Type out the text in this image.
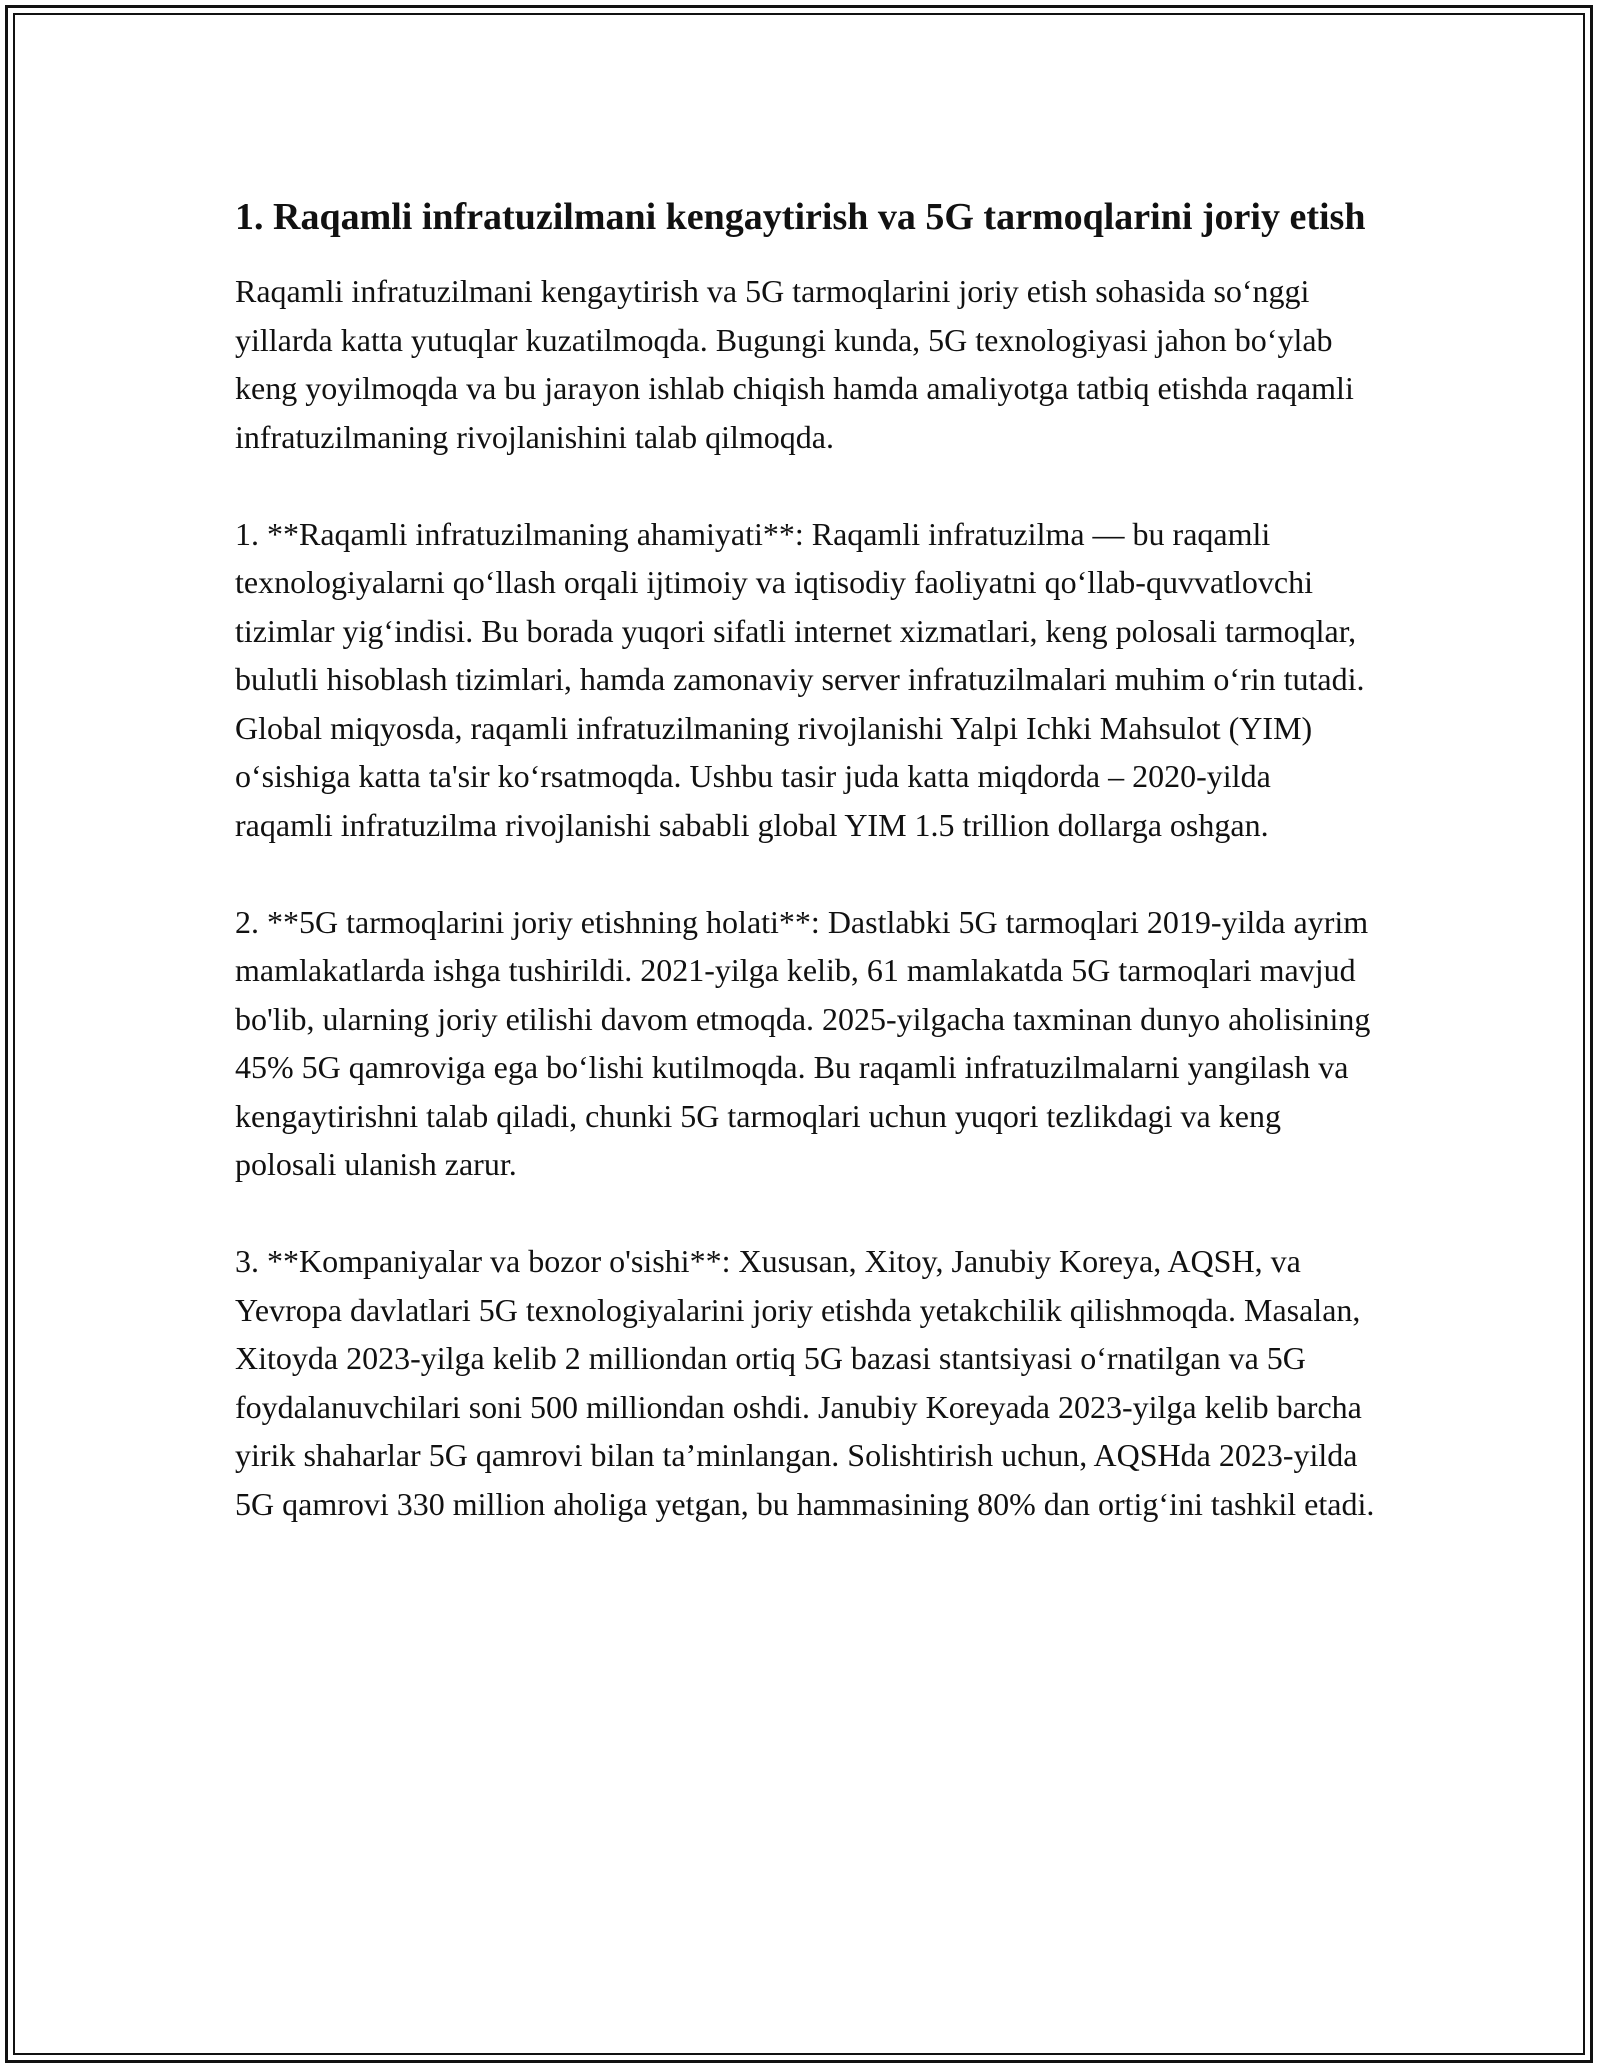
1. Raqamli infratuzilmani kengaytirish va 5G tarmoqlarini joriy etish

Raqamli infratuzilmani kengaytirish va 5G tarmoqlarini joriy etish sohasida so‘nggi yillarda katta yutuqlar kuzatilmoqda. Bugungi kunda, 5G texnologiyasi jahon bo‘ylab keng yoyilmoqda va bu jarayon ishlab chiqish hamda amaliyotga tatbiq etishda raqamli infratuzilmaning rivojlanishini talab qilmoqda.

1. **Raqamli infratuzilmaning ahamiyati**: Raqamli infratuzilma — bu raqamli texnologiyalarni qo‘llash orqali ijtimoiy va iqtisodiy faoliyatni qo‘llab-quvvatlovchi tizimlar yig‘indisi. Bu borada yuqori sifatli internet xizmatlari, keng polosali tarmoqlar, bulutli hisoblash tizimlari, hamda zamonaviy server infratuzilmalari muhim o‘rin tutadi. Global miqyosda, raqamli infratuzilmaning rivojlanishi Yalpi Ichki Mahsulot (YIM) o‘sishiga katta ta'sir ko‘rsatmoqda. Ushbu tasir juda katta miqdorda – 2020-yilda raqamli infratuzilma rivojlanishi sababli global YIM 1.5 trillion dollarga oshgan.

2. **5G tarmoqlarini joriy etishning holati**: Dastlabki 5G tarmoqlari 2019-yilda ayrim mamlakatlarda ishga tushirildi. 2021-yilga kelib, 61 mamlakatda 5G tarmoqlari mavjud bo'lib, ularning joriy etilishi davom etmoqda. 2025-yilgacha taxminan dunyo aholisining 45% 5G qamroviga ega bo‘lishi kutilmoqda. Bu raqamli infratuzilmalarni yangilash va kengaytirishni talab qiladi, chunki 5G tarmoqlari uchun yuqori tezlikdagi va keng polosali ulanish zarur.

3. **Kompaniyalar va bozor o'sishi**: Xususan, Xitoy, Janubiy Koreya, AQSH, va Yevropa davlatlari 5G texnologiyalarini joriy etishda yetakchilik qilishmoqda. Masalan, Xitoyda 2023-yilga kelib 2 milliondan ortiq 5G bazasi stantsiyasi o‘rnatilgan va 5G foydalanuvchilari soni 500 milliondan oshdi. Janubiy Koreyada 2023-yilga kelib barcha yirik shaharlar 5G qamrovi bilan ta’minlangan. Solishtirish uchun, AQSHda 2023-yilda 5G qamrovi 330 million aholiga yetgan, bu hammasining 80% dan ortig‘ini tashkil etadi.
